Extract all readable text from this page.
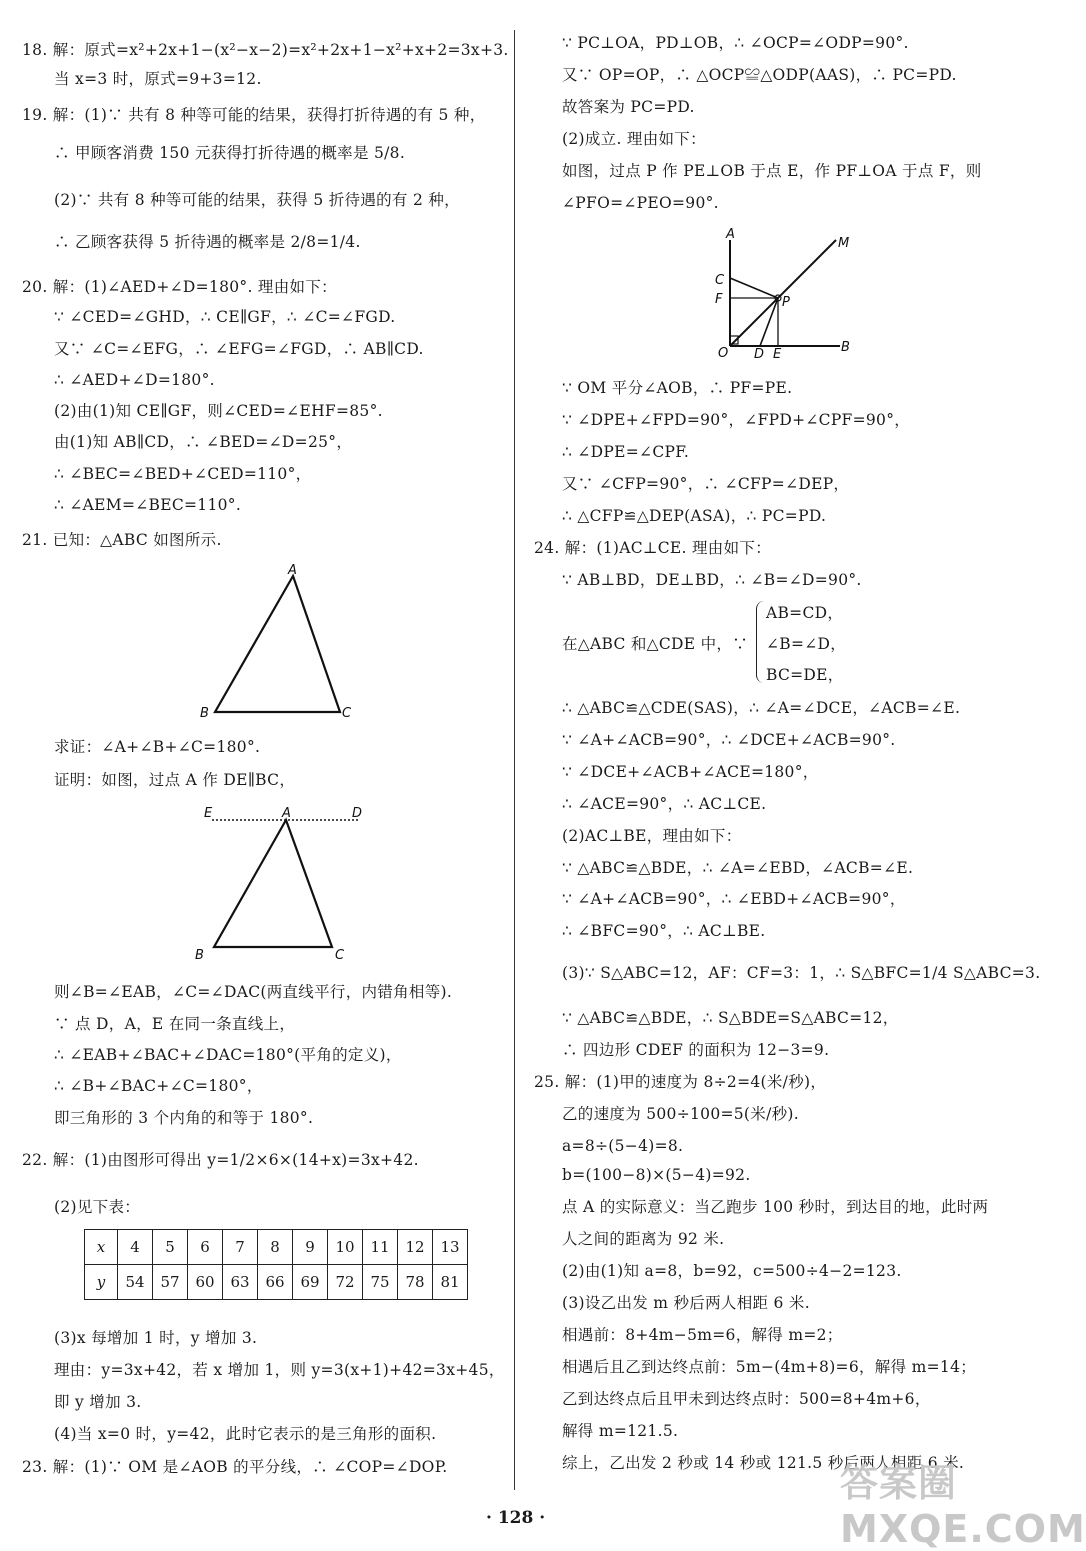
18. 解：原式=x²+2x+1−(x²−x−2)=x²+2x+1−x²+x+2=3x+3.
当 x=3 时，原式=9+3=12.
19. 解：(1)∵ 共有 8 种等可能的结果，获得打折待遇的有 5 种，
∴ 甲顾客消费 150 元获得打折待遇的概率是 5/8.
(2)∵ 共有 8 种等可能的结果，获得 5 折待遇的有 2 种，
∴ 乙顾客获得 5 折待遇的概率是 2/8=1/4.
20. 解：(1)∠AED+∠D=180°. 理由如下：
∵ ∠CED=∠GHD，∴ CE∥GF，∴ ∠C=∠FGD.
又∵ ∠C=∠EFG，∴ ∠EFG=∠FGD，∴ AB∥CD.
∴ ∠AED+∠D=180°.
(2)由(1)知 CE∥GF，则∠CED=∠EHF=85°.
由(1)知 AB∥CD，∴ ∠BED=∠D=25°，
∴ ∠BEC=∠BED+∠CED=110°，
∴ ∠AEM=∠BEC=110°.
21. 已知：△ABC 如图所示.
A
B	C
求证：∠A+∠B+∠C=180°.
证明：如图，过点 A 作 DE∥BC，
E	A	D
B	C
则∠B=∠EAB，∠C=∠DAC(两直线平行，内错角相等).
∵ 点 D，A，E 在同一条直线上，
∴ ∠EAB+∠BAC+∠DAC=180°(平角的定义)，
∴ ∠B+∠BAC+∠C=180°，
即三角形的 3 个内角的和等于 180°.
22. 解：(1)由图形可得出 y=1/2×6×(14+x)=3x+42.
(2)见下表：
x	4	5	6	7	8	9	10	11	12	13
y	54	57	60	63	66	69	72	75	78	81
(3)x 每增加 1 时，y 增加 3.
理由：y=3x+42，若 x 增加 1，则 y=3(x+1)+42=3x+45，
即 y 增加 3.
(4)当 x=0 时，y=42，此时它表示的是三角形的面积.
23. 解：(1)∵ OM 是∠AOB 的平分线，∴ ∠COP=∠DOP.
∵ PC⊥OA，PD⊥OB，∴ ∠OCP=∠ODP=90°.
又∵ OP=OP，∴ △OCP≌△ODP(AAS)，∴ PC=PD.
故答案为 PC=PD.
(2)成立. 理由如下：
如图，过点 P 作 PE⊥OB 于点 E，作 PF⊥OA 于点 F，则
∠PFO=∠PEO=90°.
A
M
C
F	P
O D E	B
∵ OM 平分∠AOB，∴ PF=PE.
∵ ∠DPE+∠FPD=90°，∠FPD+∠CPF=90°，
∴ ∠DPE=∠CPF.
又∵ ∠CFP=90°，∴ ∠CFP=∠DEP，
∴ △CFP≌△DEP(ASA)，∴ PC=PD.
24. 解：(1)AC⊥CE. 理由如下：
∵ AB⊥BD，DE⊥BD，∴ ∠B=∠D=90°.
AB=CD，
在△ABC 和△CDE 中，∵ ∠B=∠D，
BC=DE，
∴ △ABC≌△CDE(SAS)，∴ ∠A=∠DCE，∠ACB=∠E.
∵ ∠A+∠ACB=90°，∴ ∠DCE+∠ACB=90°.
∵ ∠DCE+∠ACB+∠ACE=180°，
∴ ∠ACE=90°，∴ AC⊥CE.
(2)AC⊥BE，理由如下：
∵ △ABC≌△BDE，∴ ∠A=∠EBD，∠ACB=∠E.
∵ ∠A+∠ACB=90°，∴ ∠EBD+∠ACB=90°，
∴ ∠BFC=90°，∴ AC⊥BE.
(3)∵ S△ABC=12，AF：CF=3：1，∴ S△BFC=1/4 S△ABC=3.
∵ △ABC≌△BDE，∴ S△BDE=S△ABC=12，
∴ 四边形 CDEF 的面积为 12−3=9.
25. 解：(1)甲的速度为 8÷2=4(米/秒)，
乙的速度为 500÷100=5(米/秒).
a=8÷(5−4)=8.
b=(100−8)×(5−4)=92.
点 A 的实际意义：当乙跑步 100 秒时，到达目的地，此时两
人之间的距离为 92 米.
(2)由(1)知 a=8，b=92，c=500÷4−2=123.
(3)设乙出发 m 秒后两人相距 6 米.
相遇前：8+4m−5m=6，解得 m=2；
相遇后且乙到达终点前：5m−(4m+8)=6，解得 m=14；
乙到达终点后且甲未到达终点时：500=8+4m+6，
解得 m=121.5.
综上，乙出发 2 秒或 14 秒或 121.5 秒后两人相距 6 米.
答案圈 MXQE.COM
· 128 ·
